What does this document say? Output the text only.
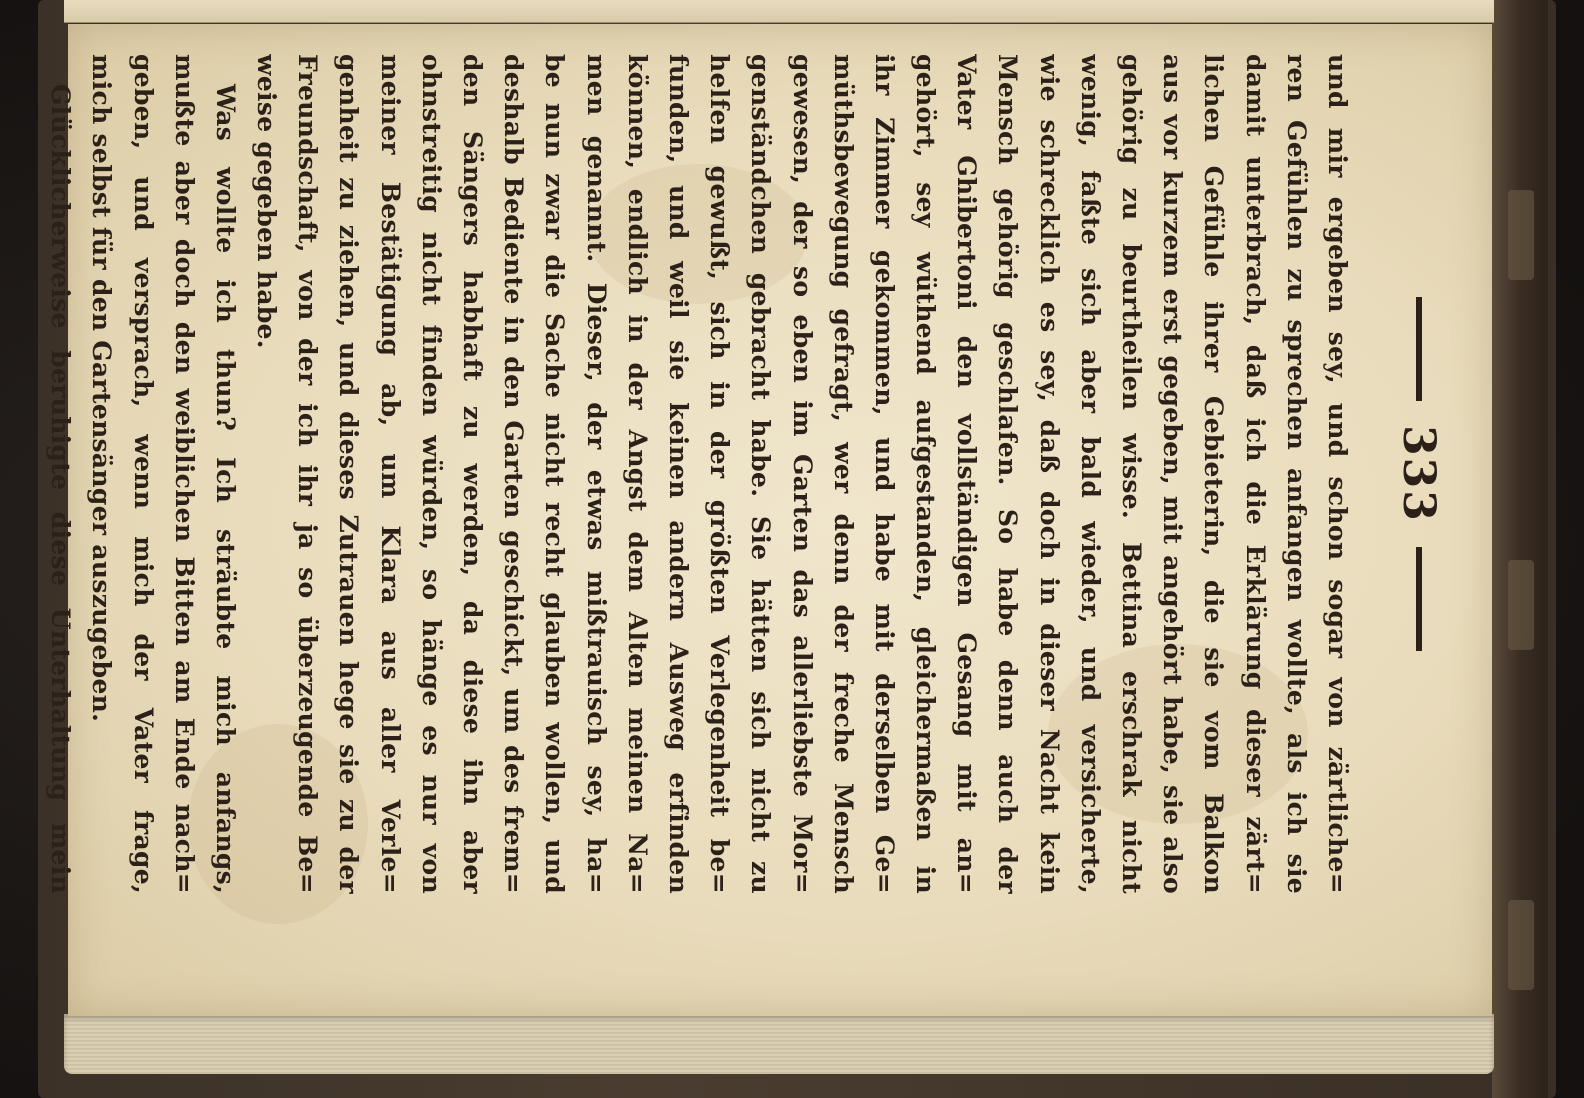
333
und mir ergeben sey, und schon sogar von zärtliche=
ren Gefühlen zu sprechen anfangen wollte, als ich sie
damit unterbrach, daß ich die Erklärung dieser zärt=
lichen Gefühle ihrer Gebieterin, die sie vom Balkon
aus vor kurzem erst gegeben, mit angehört habe, sie also
gehörig zu beurtheilen wisse. Bettina erschrak nicht
wenig, faßte sich aber bald wieder, und versicherte,
wie schrecklich es sey, daß doch in dieser Nacht kein
Mensch gehörig geschlafen. So habe denn auch der
Vater Ghibertoni den vollständigen Gesang mit an=
gehört, sey wüthend aufgestanden, gleichermaßen in
ihr Zimmer gekommen, und habe mit derselben Ge=
müthsbewegung gefragt, wer denn der freche Mensch
gewesen, der so eben im Garten das allerliebste Mor=
genständchen gebracht habe. Sie hätten sich nicht zu
helfen gewußt, sich in der größten Verlegenheit be=
funden, und weil sie keinen andern Ausweg erfinden
können, endlich in der Angst dem Alten meinen Na=
men genannt. Dieser, der etwas mißtrauisch sey, ha=
be nun zwar die Sache nicht recht glauben wollen, und
deshalb Bediente in den Garten geschickt, um des frem=
den Sängers habhaft zu werden, da diese ihn aber
ohnstreitig nicht finden würden, so hänge es nur von
meiner Bestätigung ab, um Klara aus aller Verle=
genheit zu ziehen, und dieses Zutrauen hege sie zu der
Freundschaft, von der ich ihr ja so überzeugende Be=
weise gegeben habe.
Was wollte ich thun? Ich sträubte mich anfangs,
mußte aber doch den weiblichen Bitten am Ende nach=
geben, und versprach, wenn mich der Vater frage,
mich selbst für den Gartensänger auszugeben.
Glücklicherweise beruhigte diese Unterhaltung mein
